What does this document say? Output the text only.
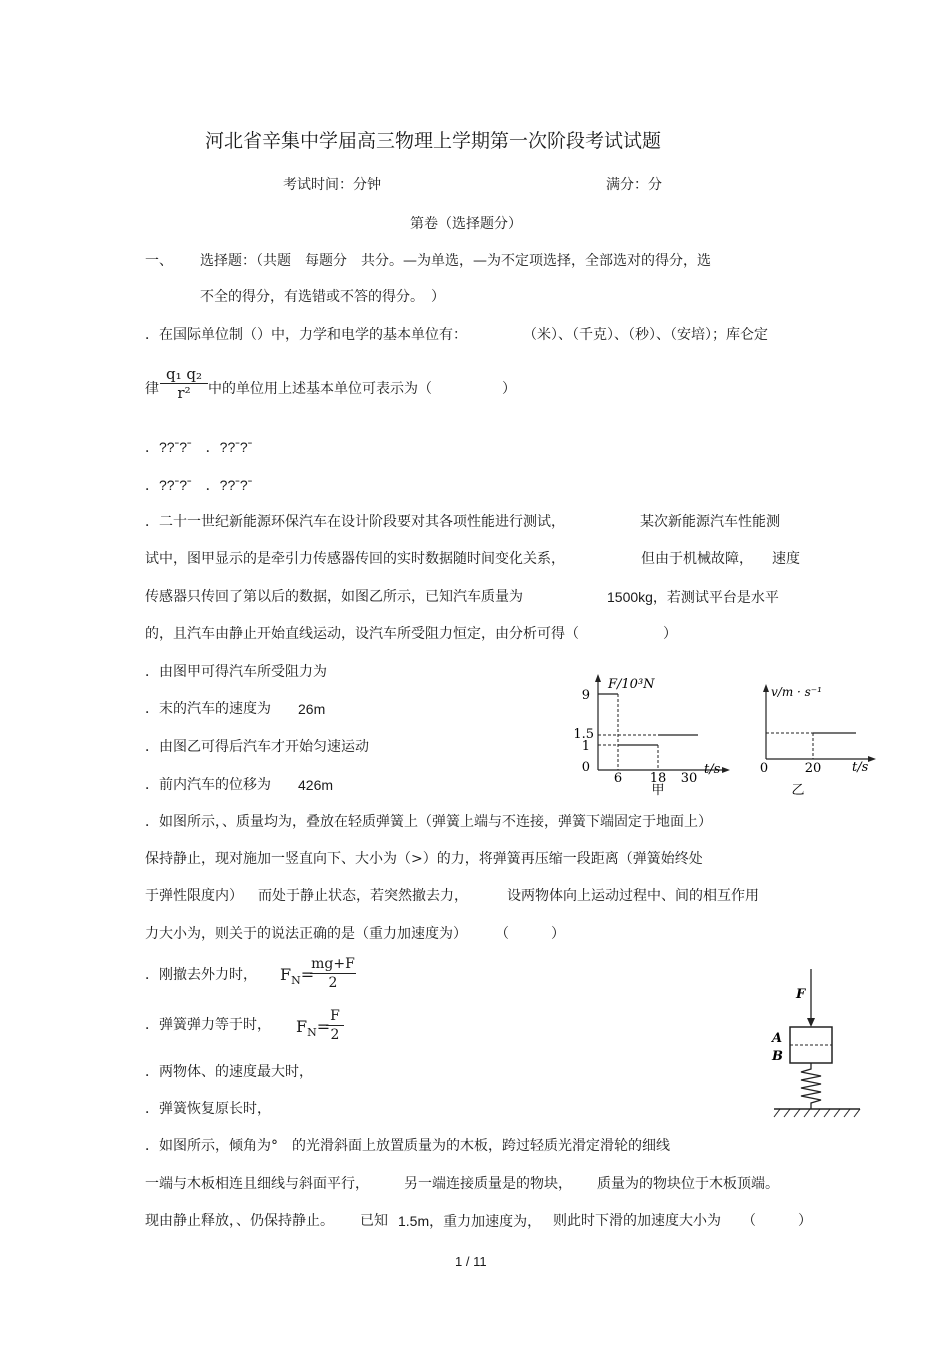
河北省辛集中学届高三物理上学期第一次阶段考试试题
考试时间：分钟	满分：分
第卷（选择题分）
一、 选择题：（共题　每题分　共分。—为单选，—为不定项选择，全部选对的得分，选
不全的得分，有选错或不答的得分。　）
．在国际单位制（）中，力学和电学的基本单位有：	（米）、（千克）、（秒）、（安培）；库仑定
律
q₁ q₂
r²	中的单位用上述基本单位可表示为（　　　　　）
．??ˉ?ˉ　．??ˉ?ˉ
．??ˉ?ˉ　．??ˉ?ˉ
．二十一世纪新能源环保汽车在设计阶段要对其各项性能进行测试，	某次新能源汽车性能测
试中，图甲显示的是牵引力传感器传回的实时数据随时间变化关系，	但由于机械故障， 速度
传感器只传回了第以后的数据，如图乙所示，已知汽车质量为	1500kg，若测试平台是水平
的，且汽车由静止开始直线运动，设汽车所受阻力恒定，由分析可得（　　　　　　）
．由图甲可得汽车所受阻力为
．末的汽车的速度为 26m
．由图乙可得后汽车才开始匀速运动
．前内汽车的位移为 426m
F/10³N
t/s
9
1.5
1
0
6 18 30
甲
v/m · s⁻¹
t/s
0	20
乙
．如图所示，、质量均为，叠放在轻质弹簧上（弹簧上端与不连接，弹簧下端固定于地面上）
保持静止，现对施加一竖直向下、大小为（>）的力，将弹簧再压缩一段距离（弹簧始终处
于弹性限度内） 而处于静止状态，若突然撤去力，	设两物体向上运动过程中、间的相互作用
力大小为，则关于的说法正确的是（重力加速度为）　　　（　　　）
．刚撤去外力时， $F_N=$
mg+F
2
．弹簧弹力等于时， $F_N=$
F
2
．两物体、的速度最大时，
．弹簧恢复原长时，
F
A
B
．如图所示，倾角为°　的光滑斜面上放置质量为的木板，跨过轻质光滑定滑轮的细线
一端与木板相连且细线与斜面平行，	另一端连接质量是的物块， 质量为的物块位于木板顶端。
现由静止释放，、仍保持静止。 已知 1.5m，重力加速度为， 则此时下滑的加速度大小为　　（　　　）
1 / 11
